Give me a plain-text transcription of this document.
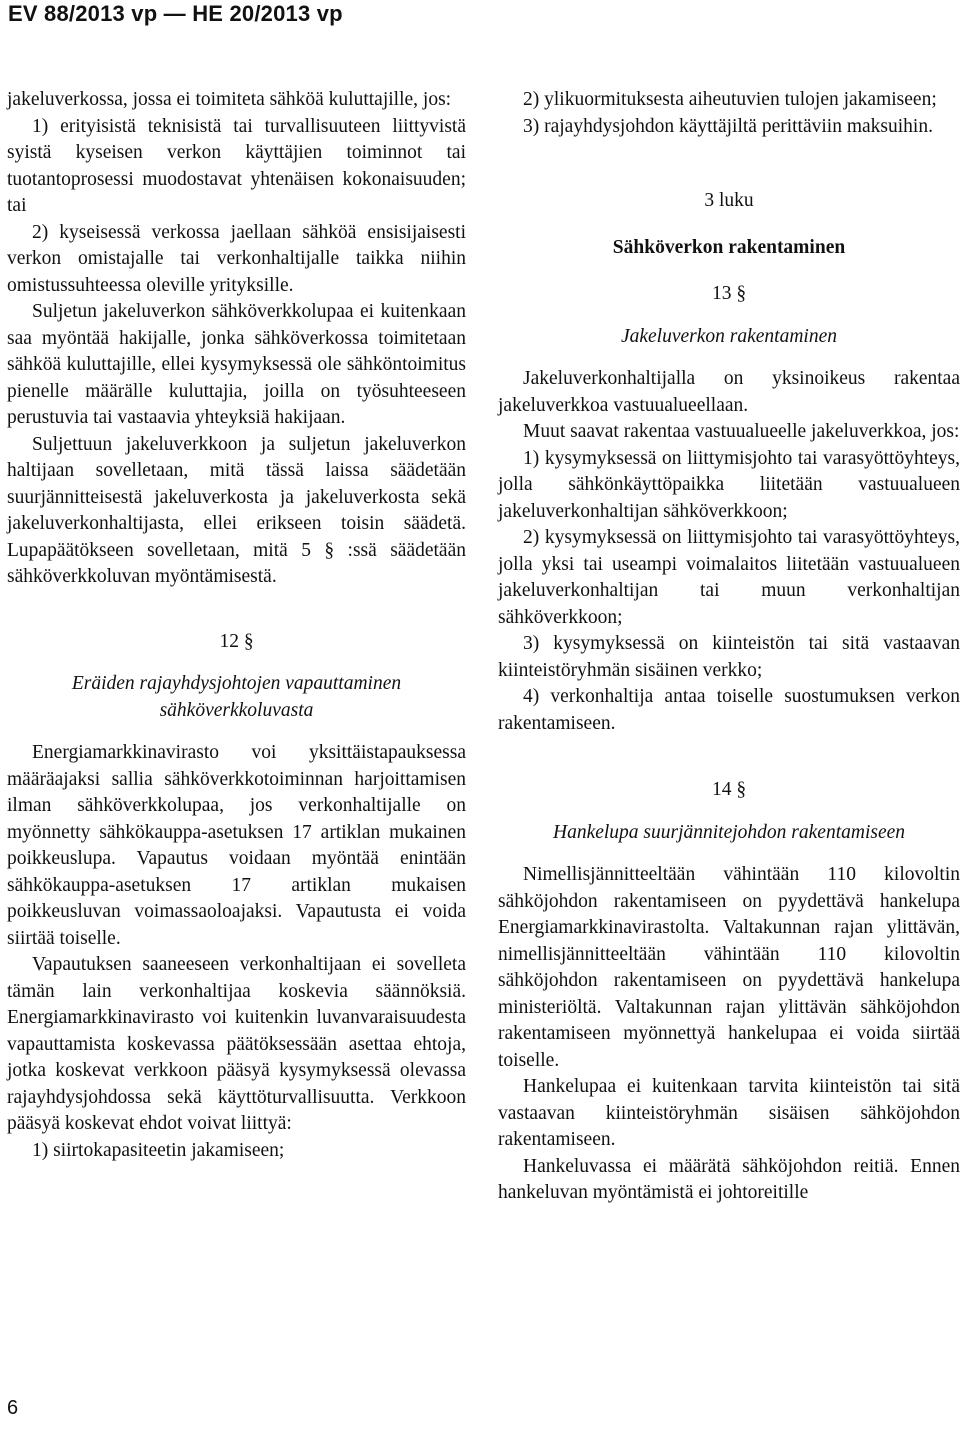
EV 88/2013 vp — HE 20/2013 vp

jakeluverkossa, jossa ei toimiteta sähköä kuluttajille, jos:

1) erityisistä teknisistä tai turvallisuuteen liittyvistä syistä kyseisen verkon käyttäjien toiminnot tai tuotantoprosessi muodostavat yhtenäisen kokonaisuuden; tai

2) kyseisessä verkossa jaellaan sähköä ensisijaisesti verkon omistajalle tai verkonhaltijalle taikka niihin omistussuhteessa oleville yrityksille.

Suljetun jakeluverkon sähköverkkolupaa ei kuitenkaan saa myöntää hakijalle, jonka sähköverkossa toimitetaan sähköä kuluttajille, ellei kysymyksessä ole sähköntoimitus pienelle määrälle kuluttajia, joilla on työsuhteeseen perustuvia tai vastaavia yhteyksiä hakijaan.

Suljettuun jakeluverkkoon ja suljetun jakeluverkon haltijaan sovelletaan, mitä tässä laissa säädetään suurjännitteisestä jakeluverkosta ja jakeluverkosta sekä jakeluverkonhaltijasta, ellei erikseen toisin säädetä. Lupapäätökseen sovelletaan, mitä 5 § :ssä säädetään sähköverkkoluvan myöntämisestä.

12 §

Eräiden rajayhdysjohtojen vapauttaminen sähköverkkoluvasta

Energiamarkkinavirasto voi yksittäistapauksessa määräajaksi sallia sähköverkkotoiminnan harjoittamisen ilman sähköverkkolupaa, jos verkonhaltijalle on myönnetty sähkökauppa-asetuksen 17 artiklan mukainen poikkeuslupa. Vapautus voidaan myöntää enintään sähkökauppa-asetuksen 17 artiklan mukaisen poikkeusluvan voimassaoloajaksi. Vapautusta ei voida siirtää toiselle.

Vapautuksen saaneeseen verkonhaltijaan ei sovelleta tämän lain verkonhaltijaa koskevia säännöksiä. Energiamarkkinavirasto voi kuitenkin luvanvaraisuudesta vapauttamista koskevassa päätöksessään asettaa ehtoja, jotka koskevat verkkoon pääsyä kysymyksessä olevassa rajayhdysjohdossa sekä käyttöturvallisuutta. Verkkoon pääsyä koskevat ehdot voivat liittyä:

1) siirtokapasiteetin jakamiseen;

2) ylikuormituksesta aiheutuvien tulojen jakamiseen;

3) rajayhdysjohdon käyttäjiltä perittäviin maksuihin.

3 luku

Sähköverkon rakentaminen

13 §

Jakeluverkon rakentaminen

Jakeluverkonhaltijalla on yksinoikeus rakentaa jakeluverkkoa vastuualueellaan.

Muut saavat rakentaa vastuualueelle jakeluverkkoa, jos:

1) kysymyksessä on liittymisjohto tai varasyöttöyhteys, jolla sähkönkäyttöpaikka liitetään vastuualueen jakeluverkonhaltijan sähköverkkoon;

2) kysymyksessä on liittymisjohto tai varasyöttöyhteys, jolla yksi tai useampi voimalaitos liitetään vastuualueen jakeluverkonhaltijan tai muun verkonhaltijan sähköverkkoon;

3) kysymyksessä on kiinteistön tai sitä vastaavan kiinteistöryhmän sisäinen verkko;

4) verkonhaltija antaa toiselle suostumuksen verkon rakentamiseen.

14 §

Hankelupa suurjännitejohdon rakentamiseen

Nimellisjännitteeltään vähintään 110 kilovoltin sähköjohdon rakentamiseen on pyydettävä hankelupa Energiamarkkinavirastolta. Valtakunnan rajan ylittävän, nimellisjännitteeltään vähintään 110 kilovoltin sähköjohdon rakentamiseen on pyydettävä hankelupa ministeriöltä. Valtakunnan rajan ylittävän sähköjohdon rakentamiseen myönnettyä hankelupaa ei voida siirtää toiselle.

Hankelupaa ei kuitenkaan tarvita kiinteistön tai sitä vastaavan kiinteistöryhmän sisäisen sähköjohdon rakentamiseen.

Hankeluvassa ei määrätä sähköjohdon reitiä. Ennen hankeluvan myöntämistä ei johtoreitille

6
